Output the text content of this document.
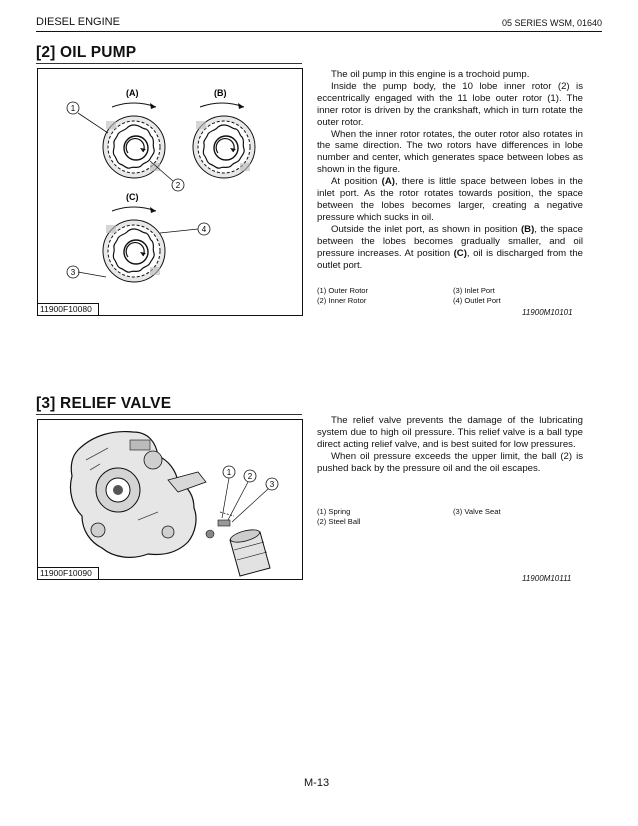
DIESEL ENGINE	05 SERIES WSM, 01640
[2] OIL PUMP
(A)	(B)
1
2
(C)
4
3
11900F10080

The oil pump in this engine is a trochoid pump.

Inside the pump body, the 10 lobe inner rotor (2) is eccentrically engaged with the 11 lobe outer rotor (1). The inner rotor is driven by the crankshaft, which in turn rotate the outer rotor.

When the inner rotor rotates, the outer rotor also rotates in the same direction. The two rotors have differences in lobe number and center, which generates space between lobes as shown in the figure.

At position (A), there is little space between lobes in the inlet port. As the rotor rotates towards position, the space between the lobes becomes larger, creating a negative pressure which sucks in oil.

Outside the inlet port, as shown in position (B), the space between the lobes becomes gradually smaller, and oil pressure increases. At position (C), oil is discharged from the outlet port.

(1) Outer Rotor	(3) Inlet Port
(2) Inner Rotor	(4) Outlet Port
11900M10101
[3] RELIEF VALVE
1 2
3
11900F10090

The relief valve prevents the damage of the lubricating system due to high oil pressure. This relief valve is a ball type direct acting relief valve, and is best suited for low pressures.

When oil pressure exceeds the upper limit, the ball (2) is pushed back by the pressure oil and the oil escapes.

(1) Spring	(3) Valve Seat
(2) Steel Ball
11900M10111
M-13
